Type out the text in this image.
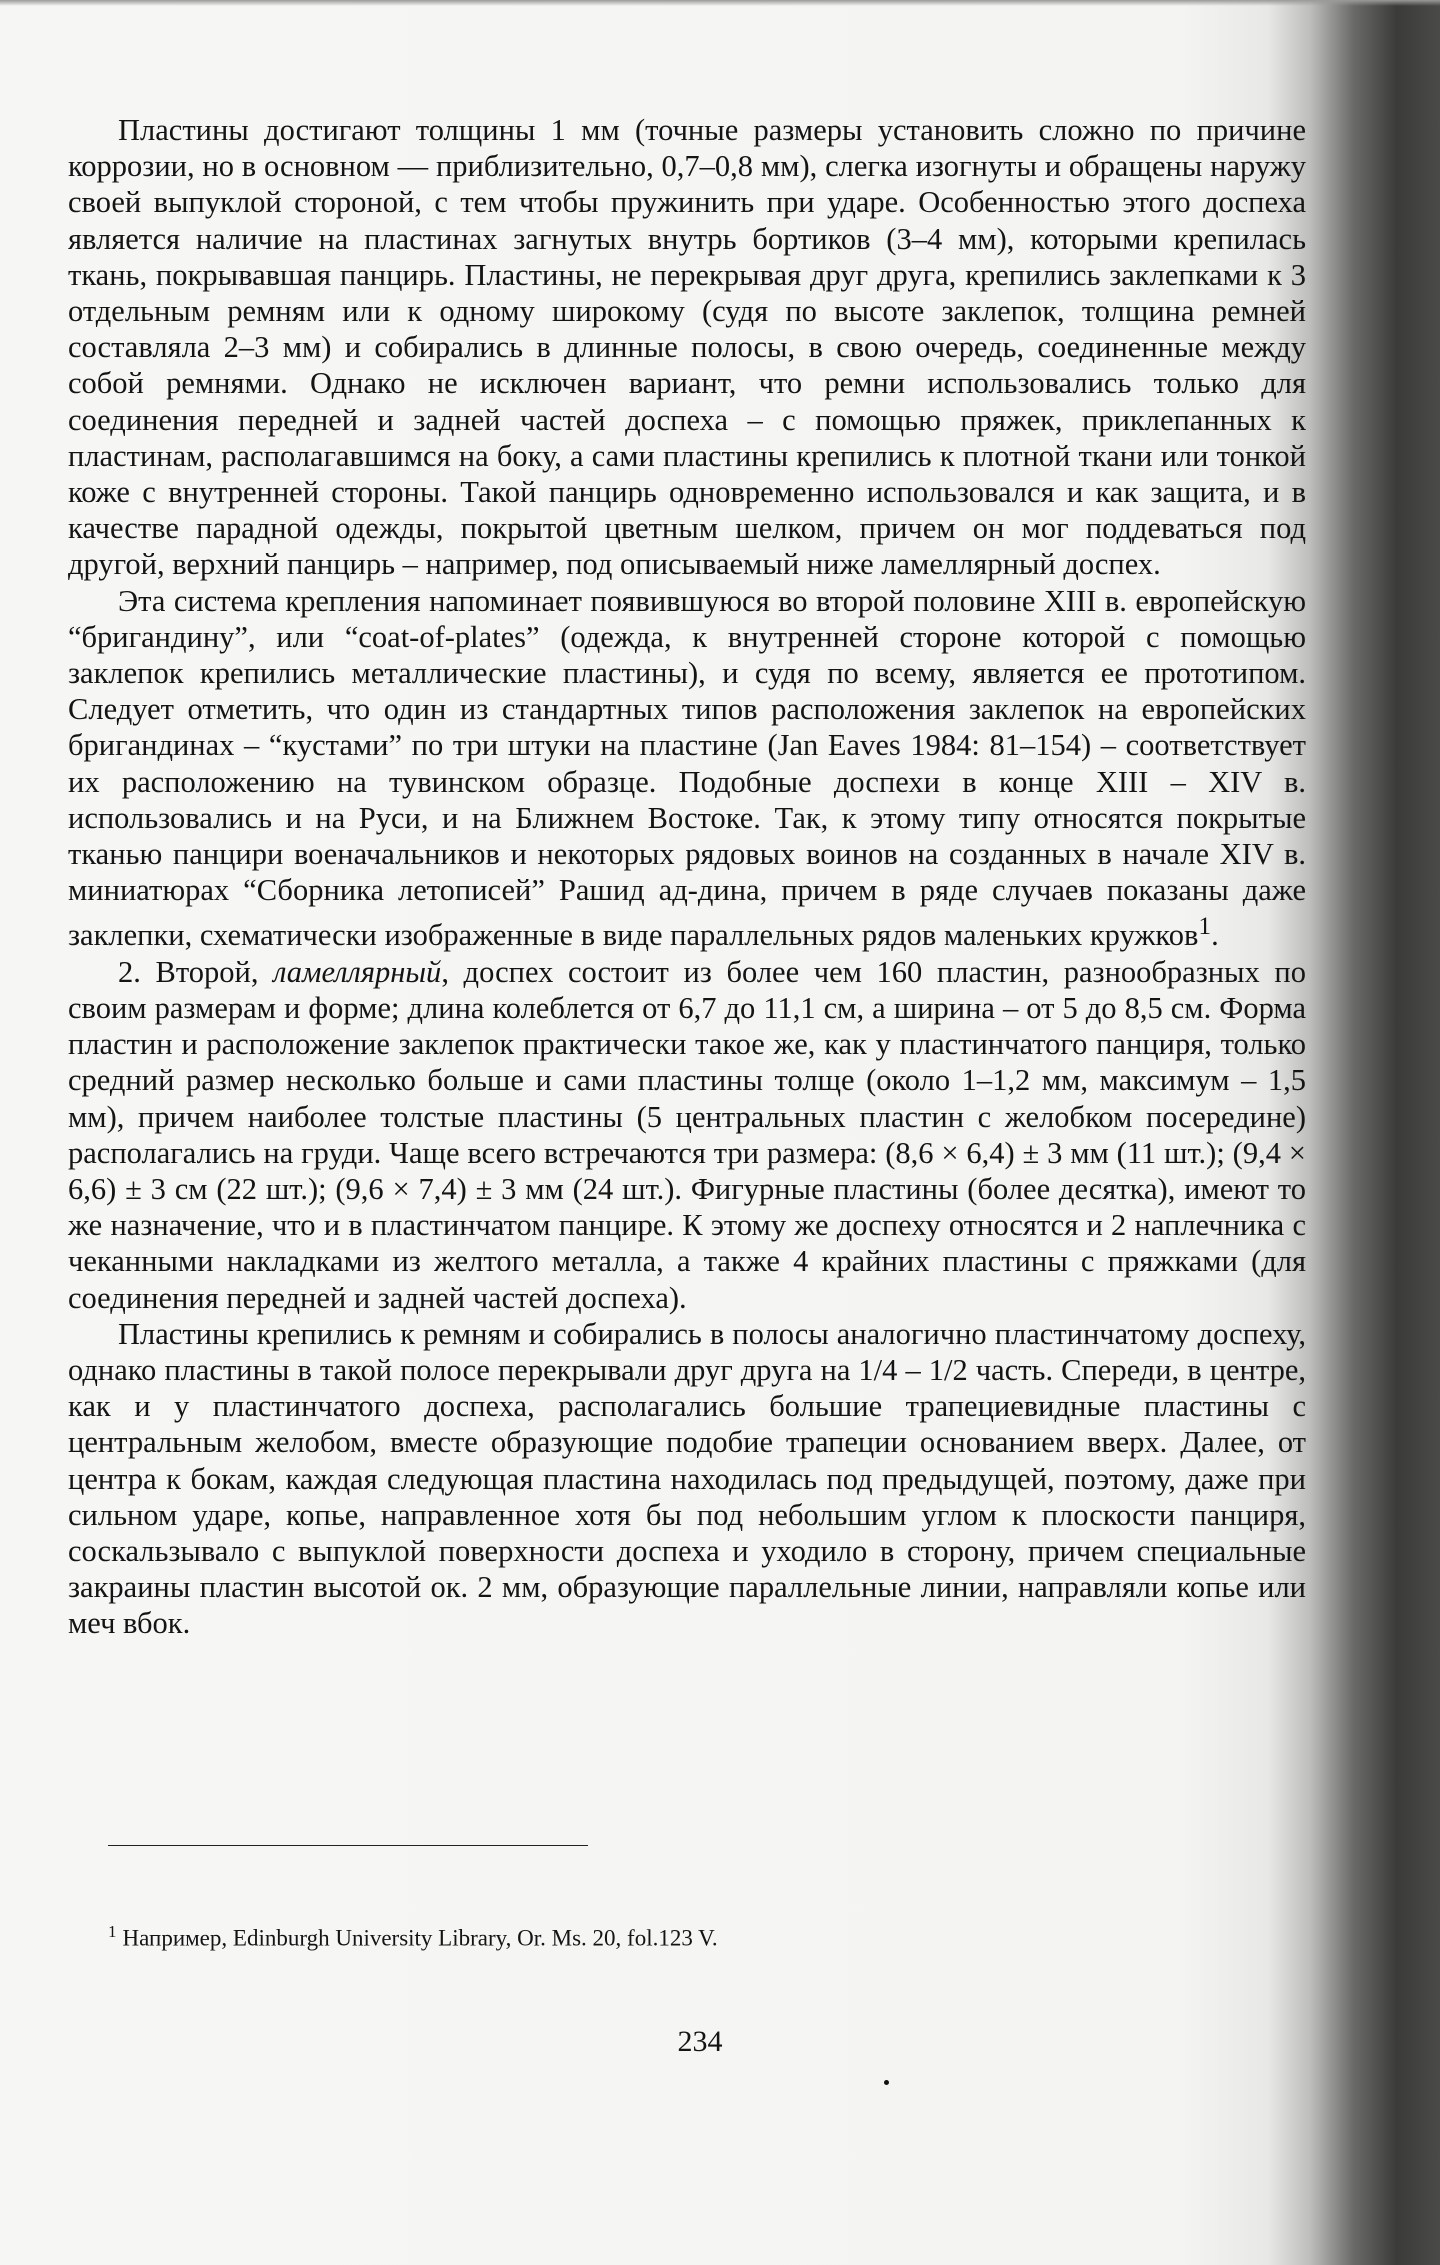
Пластины достигают толщины 1 мм (точные размеры установить сложно по причине коррозии, но в основном — приблизительно, 0,7–0,8 мм), слегка изогнуты и обращены наружу своей выпуклой стороной, с тем чтобы пружинить при ударе. Особенностью этого доспеха является наличие на пластинах загнутых внутрь бортиков (3–4 мм), которыми крепилась ткань, покрывавшая панцирь. Пластины, не перекрывая друг друга, крепились заклепками к 3 отдельным ремням или к одному широкому (судя по высоте заклепок, толщина ремней составляла 2–3 мм) и собирались в длинные полосы, в свою очередь, соединенные между собой ремнями. Однако не исключен вариант, что ремни использовались только для соединения передней и задней частей доспеха – с помощью пряжек, приклепанных к пластинам, располагавшимся на боку, а сами пластины крепились к плотной ткани или тонкой коже с внутренней стороны. Такой панцирь одновременно использовался и как защита, и в качестве парадной одежды, покрытой цветным шелком, причем он мог поддеваться под другой, верхний панцирь – например, под описываемый ниже ламеллярный доспех.

Эта система крепления напоминает появившуюся во второй половине XIII в. европейскую “бригандину”, или “coat-of-plates” (одежда, к внутренней стороне которой с помощью заклепок крепились металлические пластины), и судя по всему, является ее прототипом. Следует отметить, что один из стандартных типов расположения заклепок на европейских бригандинах – “кустами” по три штуки на пластине (Jan Eaves 1984: 81–154) – соответствует их расположению на тувинском образце. Подобные доспехи в конце XIII – XIV в. использовались и на Руси, и на Ближнем Востоке. Так, к этому типу относятся покрытые тканью панцири военачальников и некоторых рядовых воинов на созданных в начале XIV в. миниатюрах “Сборника летописей” Рашид ад-дина, причем в ряде случаев показаны даже заклепки, схематически изображенные в виде параллельных рядов маленьких кружков$^1$.

2. Второй, ламеллярный, доспех состоит из более чем 160 пластин, разнообразных по своим размерам и форме; длина колеблется от 6,7 до 11,1 см, а ширина – от 5 до 8,5 см. Форма пластин и расположение заклепок практически такое же, как у пластинчатого панциря, только средний размер несколько больше и сами пластины толще (около 1–1,2 мм, максимум – 1,5 мм), причем наиболее толстые пластины (5 центральных пластин с желобком посередине) располагались на груди. Чаще всего встречаются три размера: (8,6 × 6,4) ± 3 мм (11 шт.); (9,4 × 6,6) ± 3 см (22 шт.); (9,6 × 7,4) ± 3 мм (24 шт.). Фигурные пластины (более десятка), имеют то же назначение, что и в пластинчатом панцире. К этому же доспеху относятся и 2 наплечника с чеканными накладками из желтого металла, а также 4 крайних пластины с пряжками (для соединения передней и задней частей доспеха).

Пластины крепились к ремням и собирались в полосы аналогично пластинчатому доспеху, однако пластины в такой полосе перекрывали друг друга на 1/4 – 1/2 часть. Спереди, в центре, как и у пластинчатого доспеха, располагались большие трапециевидные пластины с центральным желобом, вместе образующие подобие трапеции основанием вверх. Далее, от центра к бокам, каждая следующая пластина находилась под предыдущей, поэтому, даже при сильном ударе, копье, направленное хотя бы под небольшим углом к плоскости панциря, соскальзывало с выпуклой поверхности доспеха и уходило в сторону, причем специальные закраины пластин высотой ок. 2 мм, образующие параллельные линии, направляли копье или меч вбок.

$^1$ Например, Edinburgh University Library, Or. Ms. 20, fol.123 V.
234
